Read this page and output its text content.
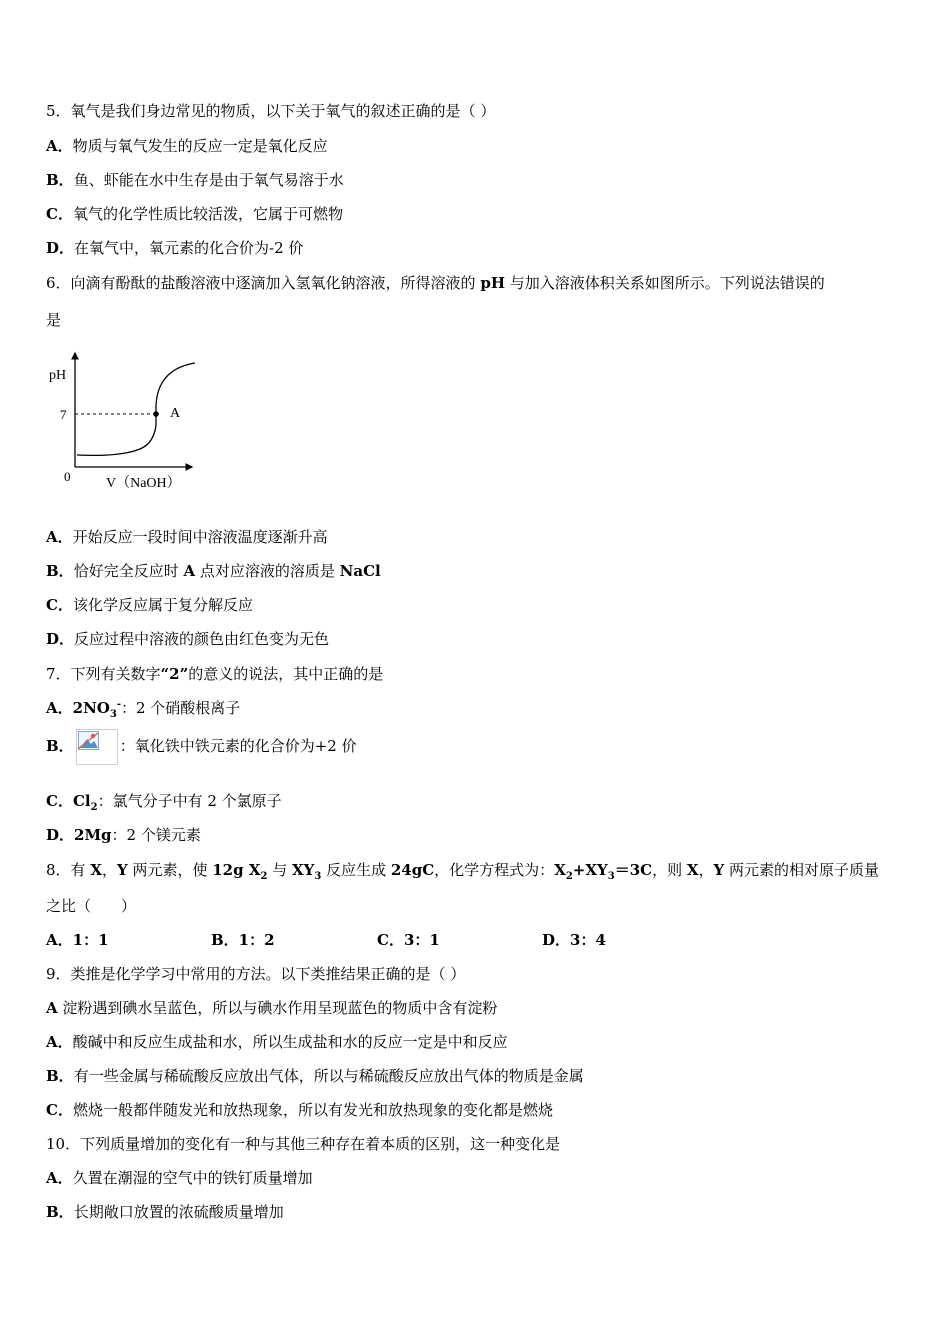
5．氧气是我们身边常见的物质，以下关于氧气的叙述正确的是（ ）
A．物质与氧气发生的反应一定是氧化反应
B．鱼、虾能在水中生存是由于氧气易溶于水
C．氧气的化学性质比较活泼，它属于可燃物
D．在氧气中，氧元素的化合价为-2 价
6．向滴有酚酞的盐酸溶液中逐滴加入氢氧化钠溶液，所得溶液的 pH 与加入溶液体积关系如图所示。下列说法错误的
是
pH
7
0
A
V（NaOH）
A．开始反应一段时间中溶液温度逐渐升高
B．恰好完全反应时 A 点对应溶液的溶质是 NaCl
C．该化学反应属于复分解反应
D．反应过程中溶液的颜色由红色变为无色
7．下列有关数字“2”的意义的说法，其中正确的是
A．$2NO_3^-$：2 个硝酸根离子
B．	：氧化铁中铁元素的化合价为+2 价
C．$Cl_2$：氯气分子中有 2 个氯原子
D．2Mg：2 个镁元素
8．有 X，Y 两元素，使 12g $X_2$ 与 $XY_3$ 反应生成 24gC，化学方程式为：$X_2+XY_3=3C$，则 X，Y 两元素的相对原子质量
之比（　　）
A．1：1	B．1：2	C．3：1	D．3：4
9．类推是化学学习中常用的方法。以下类推结果正确的是（ ）
A 淀粉遇到碘水呈蓝色，所以与碘水作用呈现蓝色的物质中含有淀粉
A．酸碱中和反应生成盐和水，所以生成盐和水的反应一定是中和反应
B．有一些金属与稀硫酸反应放出气体，所以与稀硫酸反应放出气体的物质是金属
C．燃烧一般都伴随发光和放热现象，所以有发光和放热现象的变化都是燃烧
10．下列质量增加的变化有一种与其他三种存在着本质的区别，这一种变化是
A．久置在潮湿的空气中的铁钉质量增加
B．长期敞口放置的浓硫酸质量增加
